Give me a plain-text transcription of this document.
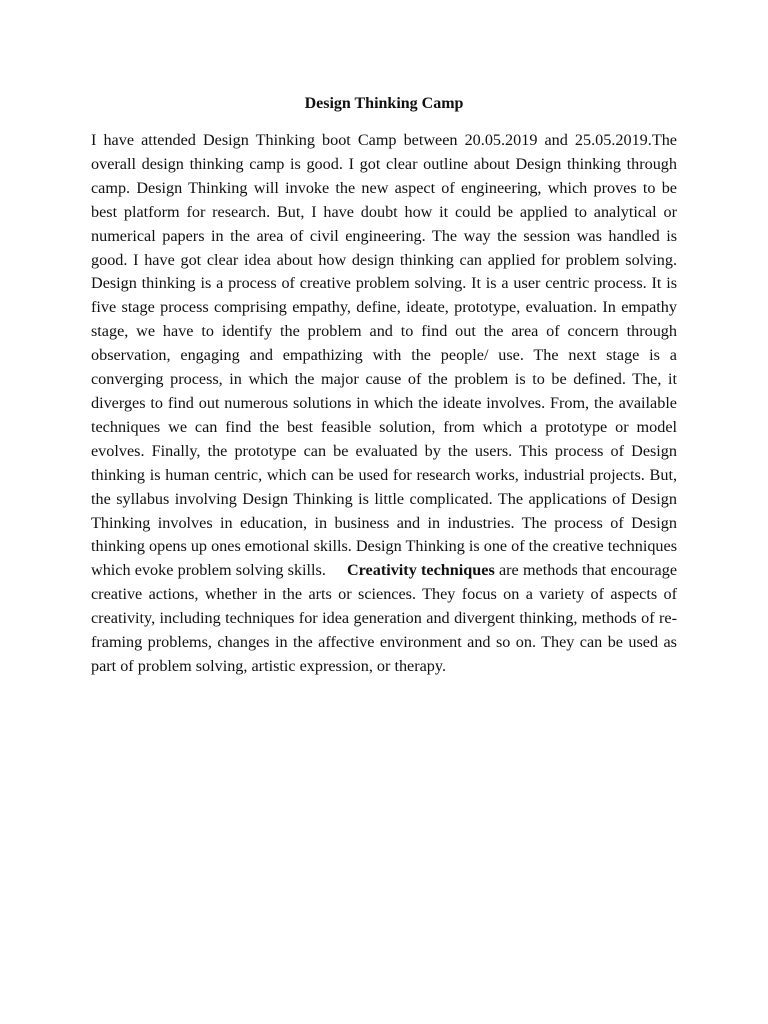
Design Thinking Camp

I have attended Design Thinking boot Camp between 20.05.2019 and 25.05.2019.The overall design thinking camp is good. I got clear outline about Design thinking through camp. Design Thinking will invoke the new aspect of engineering, which proves to be best platform for research. But, I have doubt how it could be applied to analytical or numerical papers in the area of civil engineering. The way the session was handled is good. I have got clear idea about how design thinking can applied for problem solving. Design thinking is a process of creative problem solving. It is a user centric process. It is five stage process comprising empathy, define, ideate, prototype, evaluation. In empathy stage, we have to identify the problem and to find out the area of concern through observation, engaging and empathizing with the people/ use. The next stage is a converging process, in which the major cause of the problem is to be defined. The, it diverges to find out numerous solutions in which the ideate involves. From, the available techniques we can find the best feasible solution, from which a prototype or model evolves. Finally, the prototype can be evaluated by the users. This process of Design thinking is human centric, which can be used for research works, industrial projects. But, the syllabus involving Design Thinking is little complicated. The applications of Design Thinking involves in education, in business and in industries. The process of Design thinking opens up ones emotional skills. Design Thinking is one of the creative techniques which evoke problem solving skills. Creativity techniques are methods that encourage creative actions, whether in the arts or sciences. They focus on a variety of aspects of creativity, including techniques for idea generation and divergent thinking, methods of re-framing problems, changes in the affective environment and so on. They can be used as part of problem solving, artistic expression, or therapy.
